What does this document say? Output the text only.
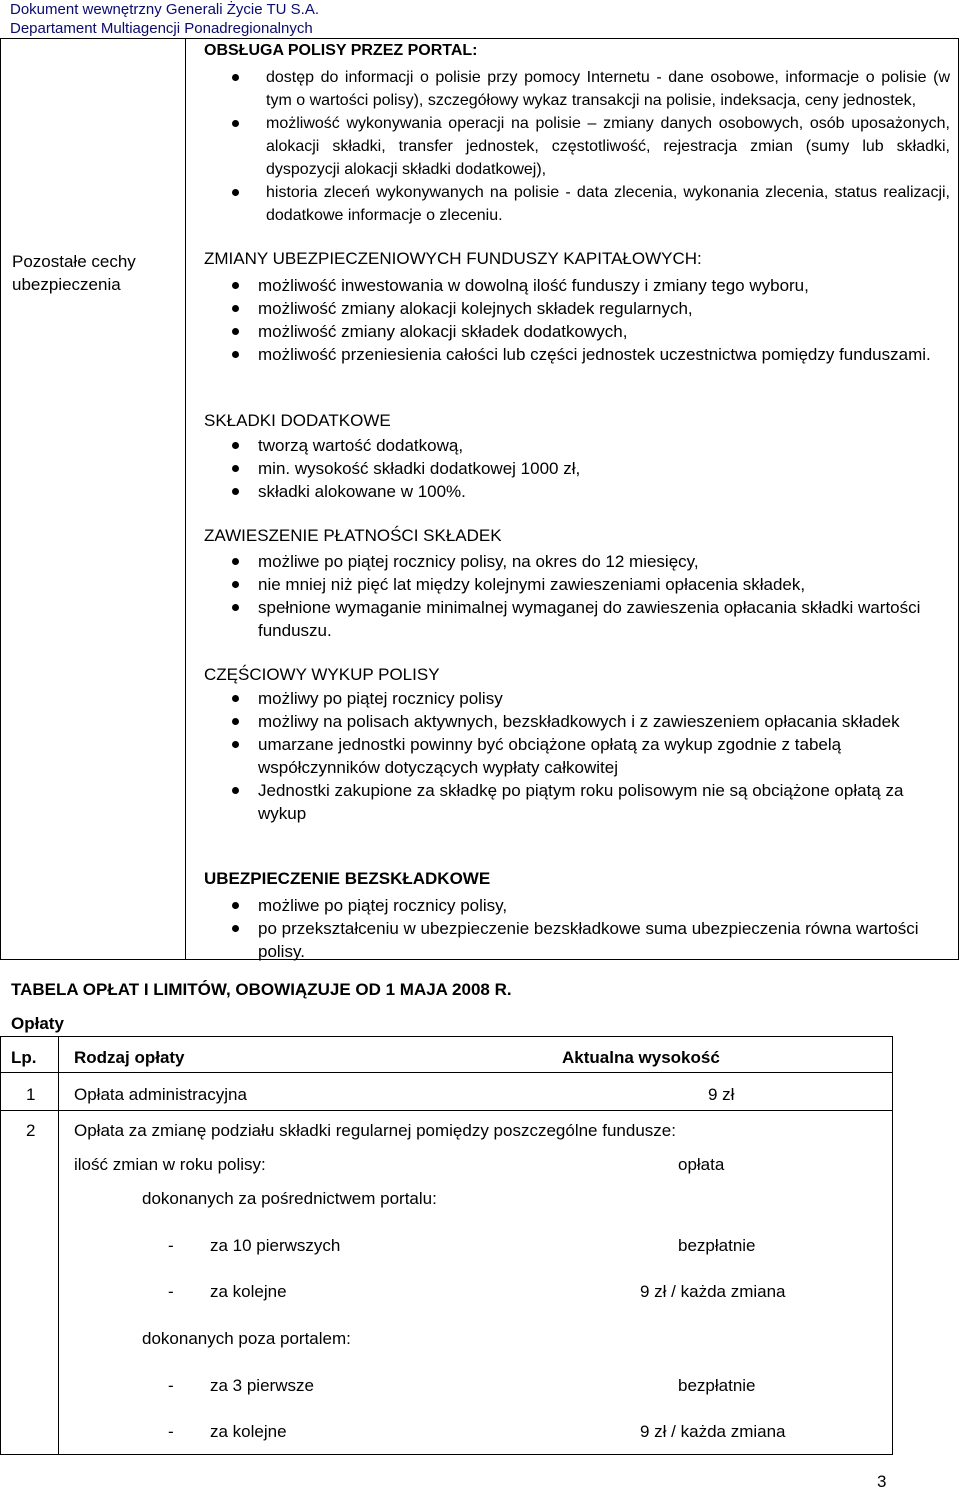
Dokument wewnętrzny Generali Życie TU S.A.
Departament Multiagencji Ponadregionalnych
Pozostałe cechy ubezpieczenia
OBSŁUGA POLISY PRZEZ PORTAL:
dostęp do informacji o polisie przy pomocy Internetu - dane osobowe, informacje o polisie (w tym o wartości polisy), szczegółowy wykaz transakcji na polisie, indeksacja, ceny jednostek,
możliwość wykonywania operacji na polisie – zmiany danych osobowych, osób uposażonych, alokacji składki, transfer jednostek, częstotliwość, rejestracja zmian (sumy lub składki, dyspozycji alokacji składki dodatkowej),
historia zleceń wykonywanych na polisie - data zlecenia, wykonania zlecenia, status realizacji, dodatkowe informacje o zleceniu.
ZMIANY UBEZPIECZENIOWYCH FUNDUSZY KAPITAŁOWYCH:
możliwość inwestowania w dowolną ilość funduszy i zmiany tego wyboru,
możliwość zmiany alokacji kolejnych składek regularnych,
możliwość zmiany alokacji składek dodatkowych,
możliwość przeniesienia całości lub części jednostek uczestnictwa pomiędzy funduszami.
SKŁADKI DODATKOWE
tworzą wartość dodatkową,
min. wysokość składki dodatkowej 1000 zł,
składki alokowane w 100%.
ZAWIESZENIE PŁATNOŚCI SKŁADEK
możliwe po piątej rocznicy polisy, na okres do 12 miesięcy,
nie mniej niż pięć lat między kolejnymi zawieszeniami opłacenia składek,
spełnione wymaganie minimalnej wymaganej do zawieszenia opłacania składki wartości funduszu.
CZĘŚCIOWY WYKUP POLISY
możliwy po piątej rocznicy polisy
możliwy na polisach aktywnych, bezskładkowych i z zawieszeniem opłacania składek
umarzane jednostki powinny być obciążone opłatą za wykup zgodnie z tabelą współczynników dotyczących wypłaty całkowitej
Jednostki zakupione za składkę po piątym roku polisowym nie są obciążone opłatą za wykup
UBEZPIECZENIE BEZSKŁADKOWE
możliwe po piątej rocznicy polisy,
po przekształceniu w ubezpieczenie bezskładkowe suma ubezpieczenia równa wartości polisy.
TABELA OPŁAT I LIMITÓW, OBOWIĄZUJE OD 1 MAJA 2008 R.
Opłaty
Lp. Rodzaj opłaty	Aktualna wysokość
1 Opłata administracyjna	9 zł
2 Opłata za zmianę podziału składki regularnej pomiędzy poszczególne fundusze:
ilość zmian w roku polisy:	opłata
dokonanych za pośrednictwem portalu:
- za 10 pierwszych	bezpłatnie
- za kolejne	9 zł / każda zmiana
dokonanych poza portalem:
- za 3 pierwsze	bezpłatnie
- za kolejne	9 zł / każda zmiana
3
